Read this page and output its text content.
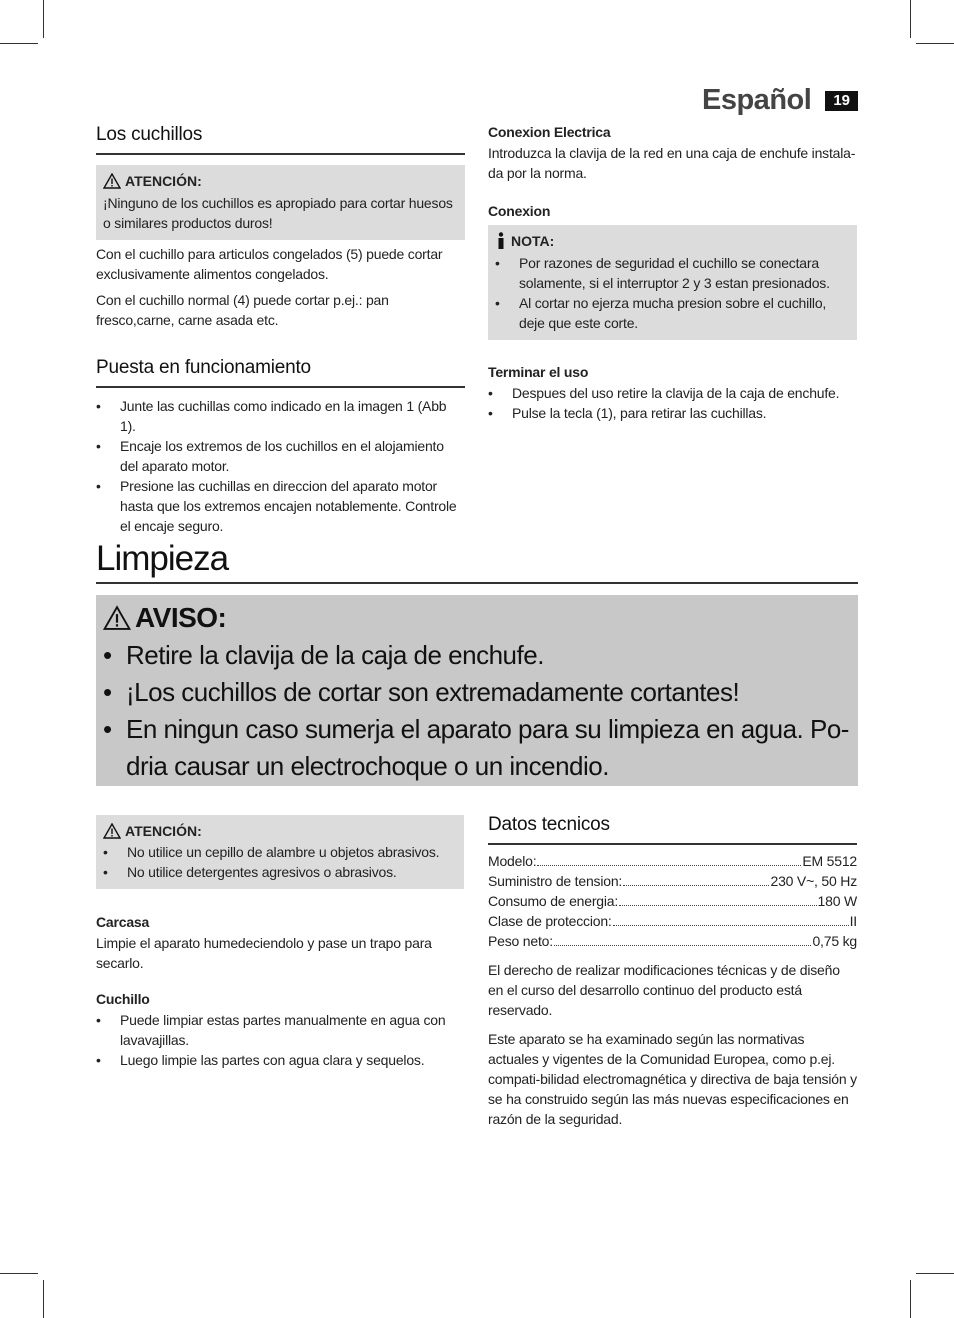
Español	19
Los cuchillos
ATENCIÓN:

¡Ninguno de los cuchillos es apropiado para cortar huesos o similares productos duros!

Con el cuchillo para articulos congelados (5) puede cortar exclusivamente alimentos congelados.

Con el cuchillo normal (4) puede cortar p.ej.: pan fresco,carne, carne asada etc.

Puesta en funcionamiento
• Junte las cuchillas como indicado en la imagen 1 (Abb 1).
• Encaje los extremos de los cuchillos en el alojamiento del aparato motor.
• Presione las cuchillas en direccion del aparato motor hasta que los extremos encajen notablemente. Controle el encaje seguro.

Conexion Electrica

Introduzca la clavija de la red en una caja de enchufe instala-da por la norma.

Conexion

NOTA:
• Por razones de seguridad el cuchillo se conectara solamente, si el interruptor 2 y 3 estan presionados.
• Al cortar no ejerza mucha presion sobre el cuchillo, deje que este corte.

Terminar el uso

• Despues del uso retire la clavija de la caja de enchufe.
• Pulse la tecla (1), para retirar las cuchillas.
Limpieza
AVISO:
• Retire la clavija de la caja de enchufe.
• ¡Los cuchillos de cortar son extremadamente cortantes!
• En ningun caso sumerja el aparato para su limpieza en agua. Po-dria causar un electrochoque o un incendio.
ATENCIÓN:
• No utilice un cepillo de alambre u objetos abrasivos.
• No utilice detergentes agresivos o abrasivos.

Carcasa

Limpie el aparato humedeciendolo y pase un trapo para secarlo.

Cuchillo

• Puede limpiar estas partes manualmente en agua con lavavajillas.
• Luego limpie las partes con agua clara y sequelos.
Datos tecnicos
Modelo:	EM 5512
Suministro de tension:	230 V~, 50 Hz
Consumo de energia:	180 W
Clase de proteccion:	II
Peso neto:	0,75 kg

El derecho de realizar modificaciones técnicas y de diseño en el curso del desarrollo continuo del producto está reservado.

Este aparato se ha examinado según las normativas actuales y vigentes de la Comunidad Europea, como p.ej. compati-bilidad electromagnética y directiva de baja tensión y se ha construido según las más nuevas especificaciones en razón de la seguridad.
